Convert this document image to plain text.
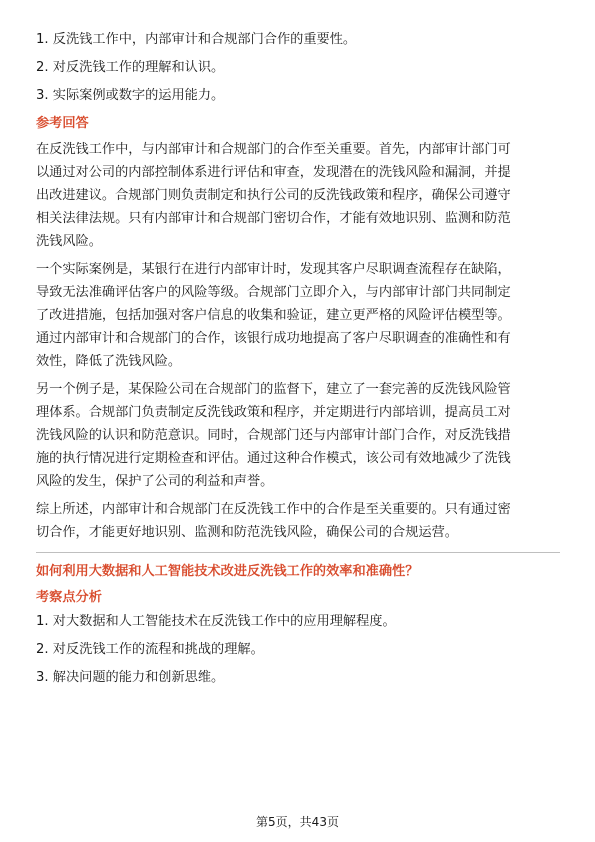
1. 反洗钱工作中，内部审计和合规部门合作的重要性。

2. 对反洗钱工作的理解和认识。

3. 实际案例或数字的运用能力。

参考回答

在反洗钱工作中，与内部审计和合规部门的合作至关重要。首先，内部审计部门可

以通过对公司的内部控制体系进行评估和审查，发现潜在的洗钱风险和漏洞，并提

出改进建议。合规部门则负责制定和执行公司的反洗钱政策和程序，确保公司遵守

相关法律法规。只有内部审计和合规部门密切合作，才能有效地识别、监测和防范

洗钱风险。

一个实际案例是，某银行在进行内部审计时，发现其客户尽职调查流程存在缺陷，

导致无法准确评估客户的风险等级。合规部门立即介入，与内部审计部门共同制定

了改进措施，包括加强对客户信息的收集和验证，建立更严格的风险评估模型等。

通过内部审计和合规部门的合作，该银行成功地提高了客户尽职调查的准确性和有

效性，降低了洗钱风险。

另一个例子是，某保险公司在合规部门的监督下，建立了一套完善的反洗钱风险管

理体系。合规部门负责制定反洗钱政策和程序，并定期进行内部培训，提高员工对

洗钱风险的认识和防范意识。同时，合规部门还与内部审计部门合作，对反洗钱措

施的执行情况进行定期检查和评估。通过这种合作模式，该公司有效地减少了洗钱

风险的发生，保护了公司的利益和声誉。

综上所述，内部审计和合规部门在反洗钱工作中的合作是至关重要的。只有通过密

切合作，才能更好地识别、监测和防范洗钱风险，确保公司的合规运营。

如何利用大数据和人工智能技术改进反洗钱工作的效率和准确性？
考察点分析

1. 对大数据和人工智能技术在反洗钱工作中的应用理解程度。

2. 对反洗钱工作的流程和挑战的理解。

3. 解决问题的能力和创新思维。

第5页，共43页
